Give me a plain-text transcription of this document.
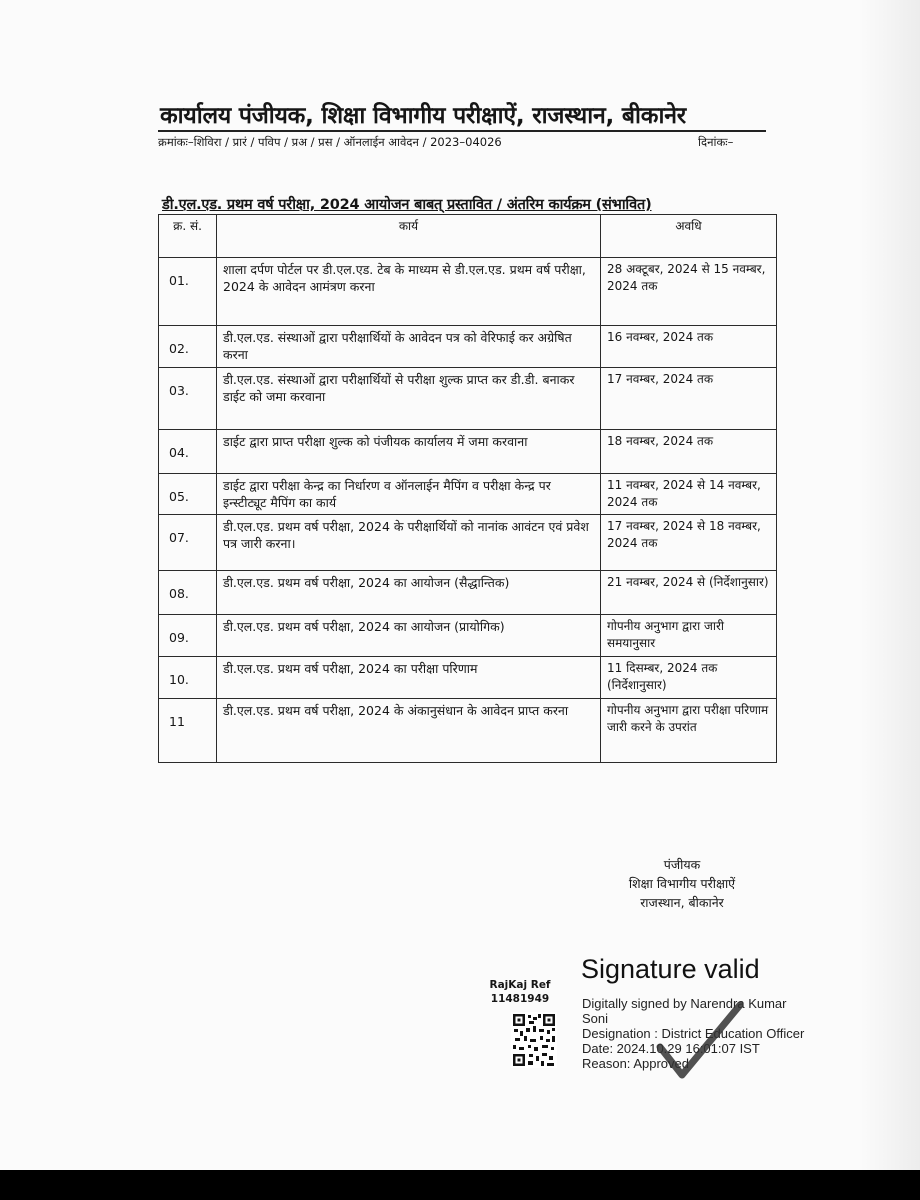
कार्यालय पंजीयक, शिक्षा विभागीय परीक्षाऐं, राजस्थान, बीकानेर
क्रमांकः–शिविरा / प्रारं / पविप / प्रअ / प्रस / ऑनलाईन आवेदन / 2023–04026	दिनांकः–
डी.एल.एड. प्रथम वर्ष परीक्षा, 2024 आयोजन बाबत् प्रस्तावित / अंतरिम कार्यक्रम (संभावित)
क्र. सं.	कार्य	अवधि
01.	शाला दर्पण पोर्टल पर डी.एल.एड. टेब के माध्यम से डी.एल.एड. प्रथम वर्ष परीक्षा, 2024 के आवेदन आमंत्रण करना	28 अक्टूबर, 2024 से 15 नवम्बर, 2024 तक
02.	डी.एल.एड. संस्थाओं द्वारा परीक्षार्थियों के आवेदन पत्र को वेरिफाई कर अग्रेषित करना	16 नवम्बर, 2024 तक
03.	डी.एल.एड. संस्थाओं द्वारा परीक्षार्थियों से परीक्षा शुल्क प्राप्त कर डी.डी. बनाकर डाईट को जमा करवाना	17 नवम्बर, 2024 तक
04.	डाईट द्वारा प्राप्त परीक्षा शुल्क को पंजीयक कार्यालय में जमा करवाना	18 नवम्बर, 2024 तक
05.	डाईट द्वारा परीक्षा केन्द्र का निर्धारण व ऑनलाईन मैपिंग व परीक्षा केन्द्र पर इन्स्टीट्यूट मैपिंग का कार्य	11 नवम्बर, 2024 से 14 नवम्बर, 2024 तक
07.	डी.एल.एड. प्रथम वर्ष परीक्षा, 2024 के परीक्षार्थियों को नानांक आवंटन एवं प्रवेश पत्र जारी करना।	17 नवम्बर, 2024 से 18 नवम्बर, 2024 तक
08.	डी.एल.एड. प्रथम वर्ष परीक्षा, 2024 का आयोजन (सैद्धान्तिक)	21 नवम्बर, 2024 से (निर्देशानुसार)
09.	डी.एल.एड. प्रथम वर्ष परीक्षा, 2024 का आयोजन (प्रायोगिक)	गोपनीय अनुभाग द्वारा जारी समयानुसार
10.	डी.एल.एड. प्रथम वर्ष परीक्षा, 2024 का परीक्षा परिणाम	11 दिसम्बर, 2024 तक (निर्देशानुसार)
11	डी.एल.एड. प्रथम वर्ष परीक्षा, 2024 के अंकानुसंधान के आवेदन प्राप्त करना	गोपनीय अनुभाग द्वारा परीक्षा परिणाम जारी करने के उपरांत
पंजीयक
शिक्षा विभागीय परीक्षाऐं
राजस्थान, बीकानेर
RajKaj Ref
11481949
Signature valid
Digitally signed by Narendra Kumar Soni
Designation : District Education Officer
Date: 2024.10.29 16:01:07 IST
Reason: Approved
